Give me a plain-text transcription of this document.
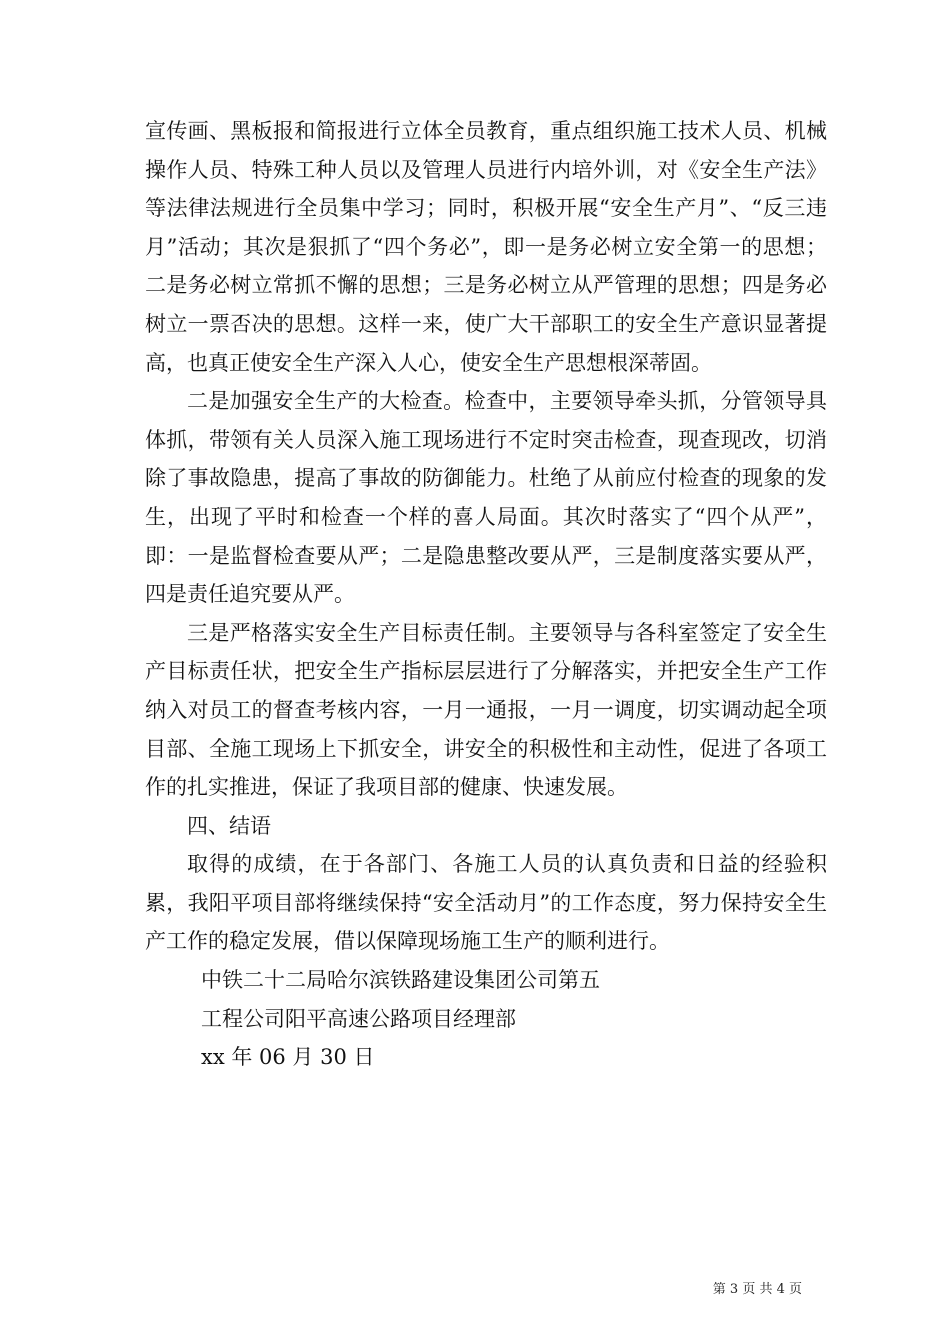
宣传画、黑板报和简报进行立体全员教育，重点组织施工技术人员、机械操作人员、特殊工种人员以及管理人员进行内培外训，对《安全生产法》等法律法规进行全员集中学习；同时，积极开展“安全生产月”、“反三违月”活动；其次是狠抓了“四个务必”，即一是务必树立安全第一的思想；二是务必树立常抓不懈的思想；三是务必树立从严管理的思想；四是务必树立一票否决的思想。这样一来，使广大干部职工的安全生产意识显著提高，也真正使安全生产深入人心，使安全生产思想根深蒂固。

二是加强安全生产的大检查。检查中，主要领导牵头抓，分管领导具体抓，带领有关人员深入施工现场进行不定时突击检查，现查现改，切消除了事故隐患，提高了事故的防御能力。杜绝了从前应付检查的现象的发生，出现了平时和检查一个样的喜人局面。其次时落实了“四个从严”，即：一是监督检查要从严；二是隐患整改要从严，三是制度落实要从严，四是责任追究要从严。

三是严格落实安全生产目标责任制。主要领导与各科室签定了安全生产目标责任状，把安全生产指标层层进行了分解落实，并把安全生产工作纳入对员工的督查考核内容，一月一通报，一月一调度，切实调动起全项目部、全施工现场上下抓安全，讲安全的积极性和主动性，促进了各项工作的扎实推进，保证了我项目部的健康、快速发展。

四、结语

取得的成绩，在于各部门、各施工人员的认真负责和日益的经验积累，我阳平项目部将继续保持“安全活动月”的工作态度，努力保持安全生产工作的稳定发展，借以保障现场施工生产的顺利进行。

中铁二十二局哈尔滨铁路建设集团公司第五

工程公司阳平高速公路项目经理部

xx 年 06 月 30 日

第 3 页 共 4 页
